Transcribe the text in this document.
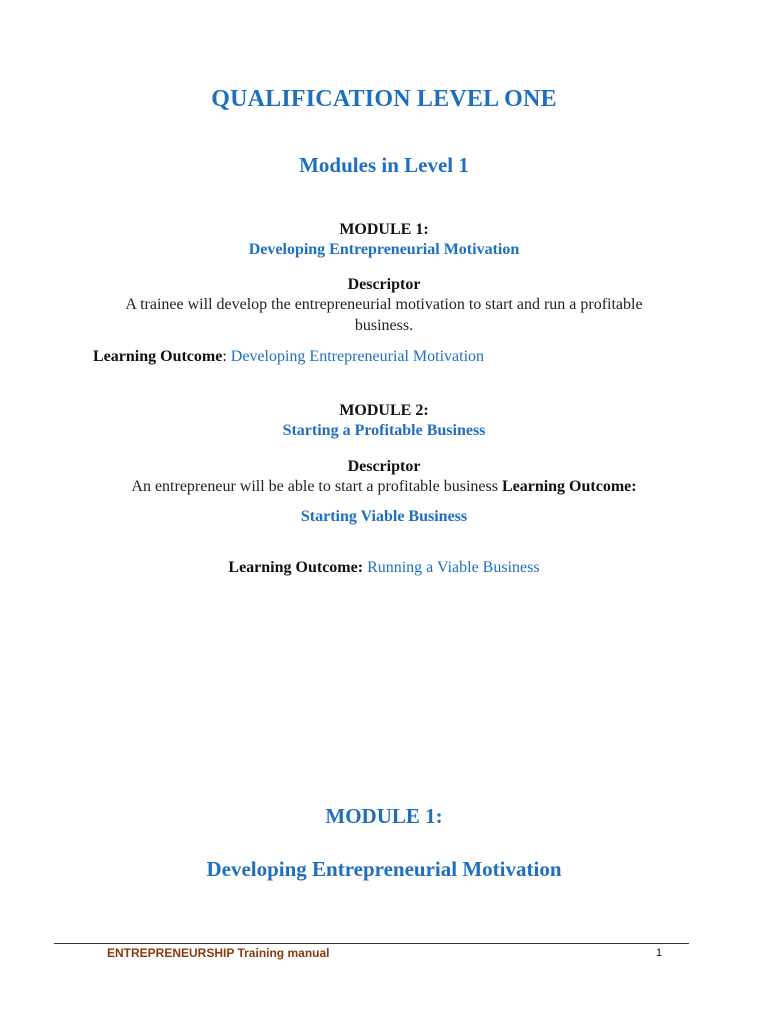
QUALIFICATION LEVEL ONE
Modules in Level 1
MODULE 1:
Developing Entrepreneurial Motivation
Descriptor
A trainee will develop the entrepreneurial motivation to start and run a profitable
business.
Learning Outcome: Developing Entrepreneurial Motivation
MODULE 2:
Starting a Profitable Business
Descriptor
An entrepreneur will be able to start a profitable business Learning Outcome:
Starting Viable Business
Learning Outcome: Running a Viable Business
MODULE 1:
Developing Entrepreneurial Motivation
ENTREPRENEURSHIP Training manual	1
